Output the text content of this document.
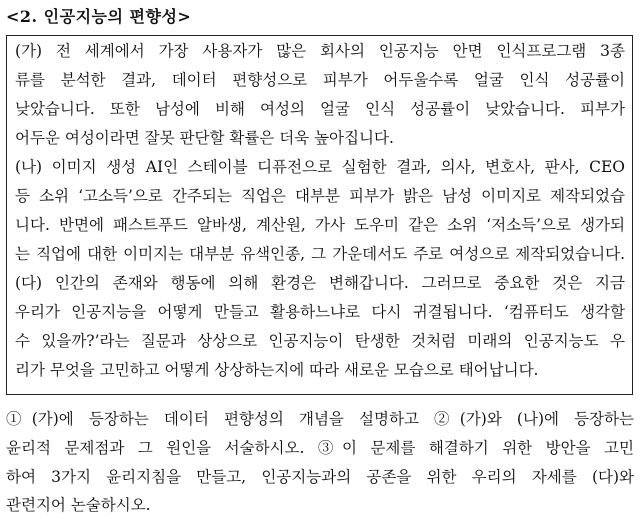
<2. 인공지능의 편향성>
(가) 전 세계에서 가장 사용자가 많은 회사의 인공지능 안면 인식프로그램 3종
류를 분석한 결과, 데이터 편향성으로 피부가 어두울수록 얼굴 인식 성공률이
낮았습니다. 또한 남성에 비해 여성의 얼굴 인식 성공률이 낮았습니다. 피부가
어두운 여성이라면 잘못 판단할 확률은 더욱 높아집니다.
(나) 이미지 생성 AI인 스테이블 디퓨전으로 실험한 결과, 의사, 변호사, 판사, CEO
등 소위 ‘고소득’으로 간주되는 직업은 대부분 피부가 밝은 남성 이미지로 제작되었습
니다. 반면에 패스트푸드 알바생, 계산원, 가사 도우미 같은 소위 ‘저소득’으로 생가되
는 직업에 대한 이미지는 대부분 유색인종, 그 가운데서도 주로 여성으로 제작되었습니다.
(다) 인간의 존재와 행동에 의해 환경은 변해갑니다. 그러므로 중요한 것은 지금
우리가 인공지능을 어떻게 만들고 활용하느냐로 다시 귀결됩니다. ‘컴퓨터도 생각할
수 있을까?’라는 질문과 상상으로 인공지능이 탄생한 것처럼 미래의 인공지능도 우
리가 무엇을 고민하고 어떻게 상상하는지에 따라 새로운 모습으로 태어납니다.
①(가)에 등장하는 데이터 편향성의 개념을 설명하고 ②(가)와 (나)에 등장하는
윤리적 문제점과 그 원인을 서술하시오. ③이 문제를 해결하기 위한 방안을 고민
하여 3가지 윤리지침을 만들고, 인공지능과의 공존을 위한 우리의 자세를 (다)와
관련지어 논술하시오.
